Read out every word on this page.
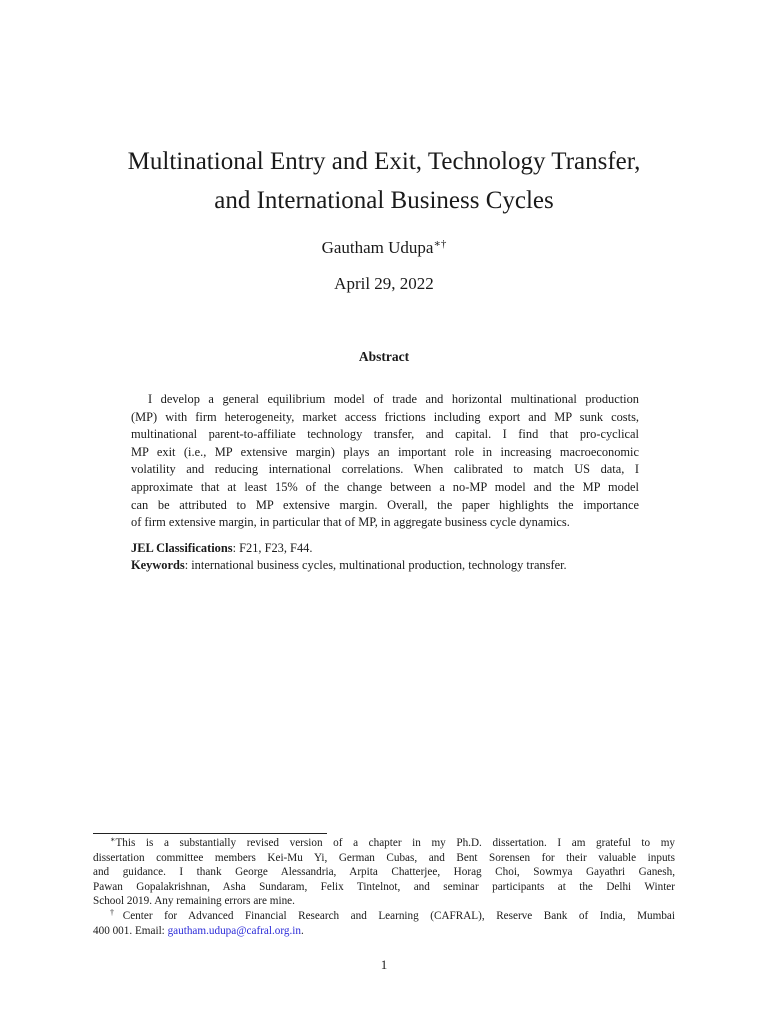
Multinational Entry and Exit, Technology Transfer,
and International Business Cycles
Gautham Udupa∗†
April 29, 2022
Abstract

I develop a general equilibrium model of trade and horizontal multinational production
(MP) with firm heterogeneity, market access frictions including export and MP sunk costs,
multinational parent-to-affiliate technology transfer, and capital. I find that pro-cyclical
MP exit (i.e., MP extensive margin) plays an important role in increasing macroeconomic
volatility and reducing international correlations. When calibrated to match US data, I
approximate that at least 15% of the change between a no-MP model and the MP model
can be attributed to MP extensive margin. Overall, the paper highlights the importance
of firm extensive margin, in particular that of MP, in aggregate business cycle dynamics.

JEL Classifications: F21, F23, F44.
Keywords: international business cycles, multinational production, technology transfer.
∗This is a substantially revised version of a chapter in my Ph.D. dissertation. I am grateful to my
dissertation committee members Kei-Mu Yi, German Cubas, and Bent Sorensen for their valuable inputs
and guidance. I thank George Alessandria, Arpita Chatterjee, Horag Choi, Sowmya Gayathri Ganesh,
Pawan Gopalakrishnan, Asha Sundaram, Felix Tintelnot, and seminar participants at the Delhi Winter
School 2019. Any remaining errors are mine.
†Center for Advanced Financial Research and Learning (CAFRAL), Reserve Bank of India, Mumbai
400 001. Email: gautham.udupa@cafral.org.in.
1
